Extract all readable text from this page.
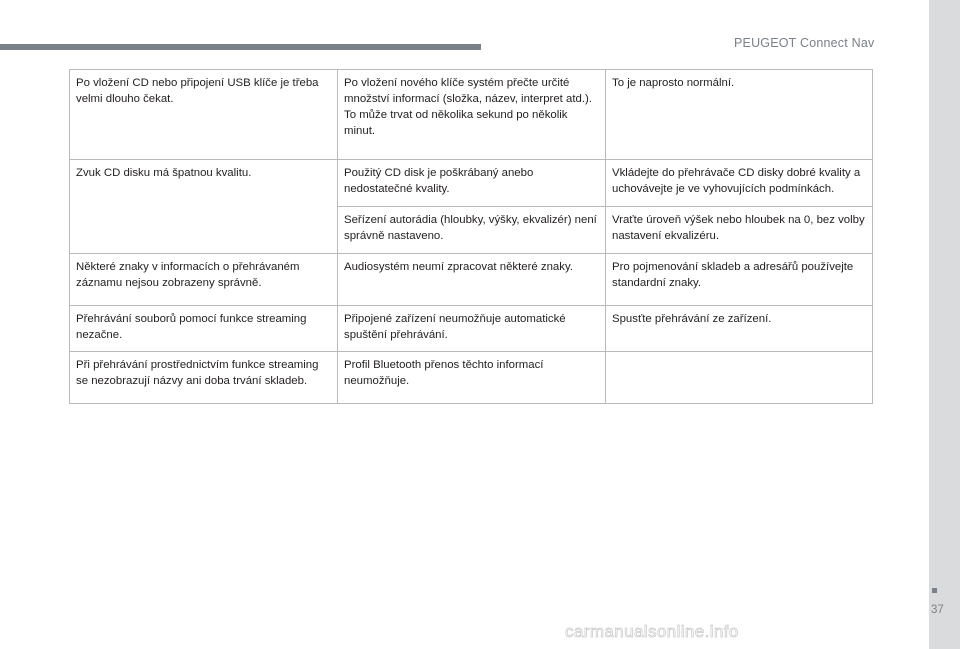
PEUGEOT Connect Nav
37
Po vložení CD nebo připojení USB klíče je třeba velmi dlouho čekat.	Po vložení nového klíče systém přečte určité množství informací (složka, název, interpret atd.). To může trvat od několika sekund po několik minut.	To je naprosto normální.
Zvuk CD disku má špatnou kvalitu.	Použitý CD disk je poškrábaný anebo nedostatečné kvality.	Vkládejte do přehrávače CD disky dobré kvality a uchovávejte je ve vyhovujících podmínkách.
	Seřízení autorádia (hloubky, výšky, ekvalizér) není správně nastaveno.	Vraťte úroveň výšek nebo hloubek na 0, bez volby nastavení ekvalizéru.
Některé znaky v informacích o přehrávaném záznamu nejsou zobrazeny správně.	Audiosystém neumí zpracovat některé znaky.	Pro pojmenování skladeb a adresářů používejte standardní znaky.
Přehrávání souborů pomocí funkce streaming nezačne.	Připojené zařízení neumožňuje automatické spuštění přehrávání.	Spusťte přehrávání ze zařízení.
Při přehrávání prostřednictvím funkce streaming se nezobrazují názvy ani doba trvání skladeb.	Profil Bluetooth přenos těchto informací neumožňuje.	
carmanualsonline.info
